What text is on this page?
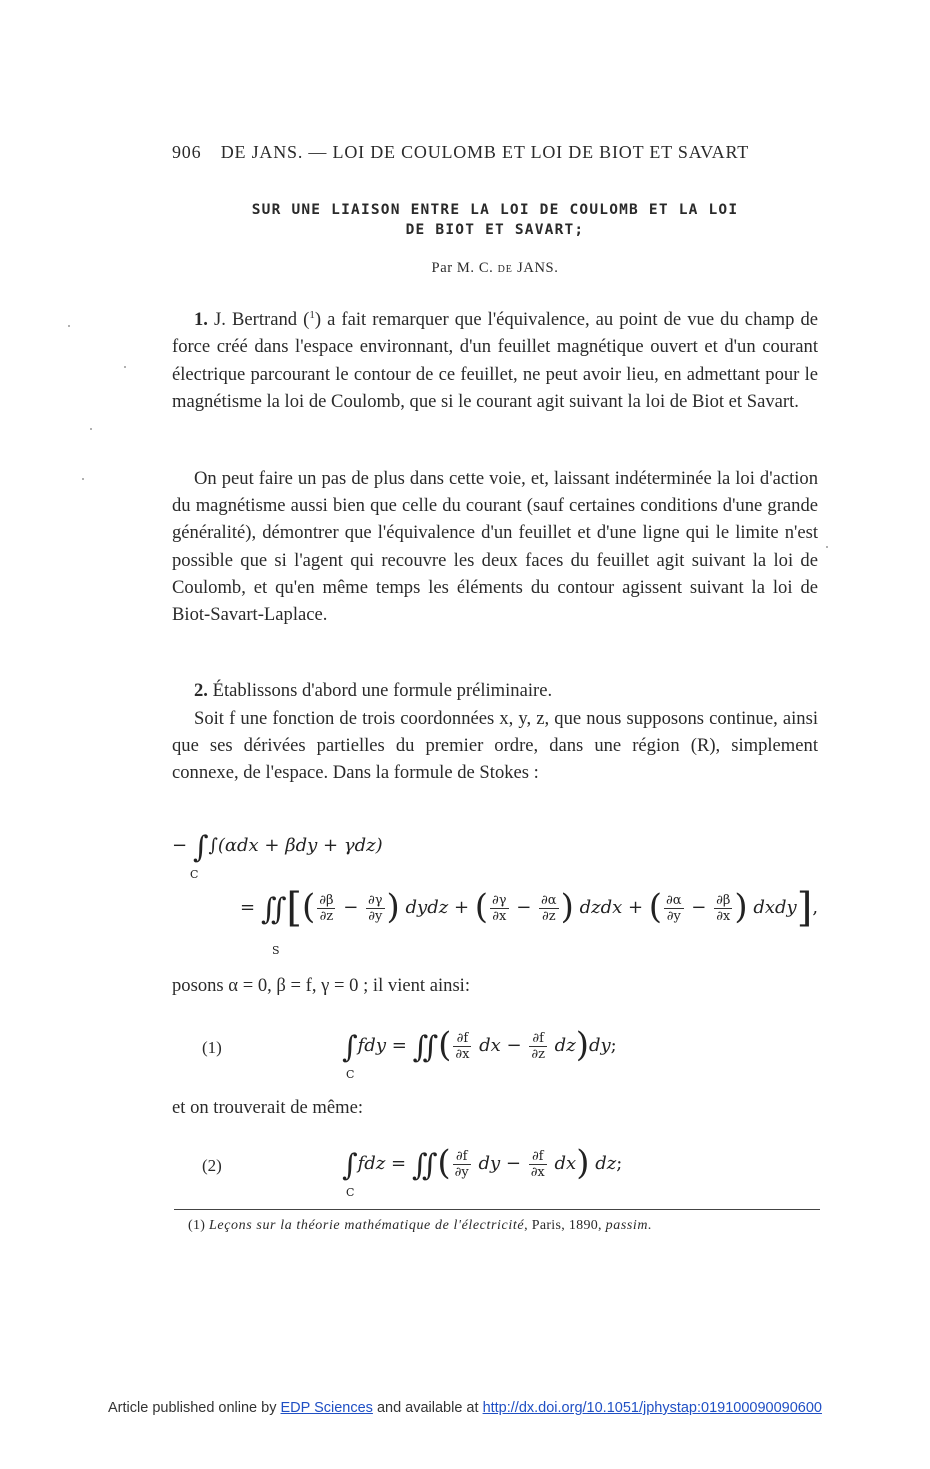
906 DE JANS. — LOI DE COULOMB ET LOI DE BIOT ET SAVART
SUR UNE LIAISON ENTRE LA LOI DE COULOMB ET LA LOI
DE BIOT ET SAVART;
Par M. C. DE JANS.
1. J. Bertrand ($^1$) a fait remarquer que l'équivalence, au point de vue du champ de force créé dans l'espace environnant, d'un feuillet magnétique ouvert et d'un courant électrique parcourant le contour de ce feuillet, ne peut avoir lieu, en admettant pour le magnétisme la loi de Coulomb, que si le courant agit suivant la loi de Biot et Savart.
On peut faire un pas de plus dans cette voie, et, laissant indéterminée la loi d'action du magnétisme aussi bien que celle du courant (sauf certaines conditions d'une grande généralité), démontrer que l'équivalence d'un feuillet et d'une ligne qui le limite n'est possible que si l'agent qui recouvre les deux faces du feuillet agit suivant la loi de Coulomb, et qu'en même temps les éléments du contour agissent suivant la loi de Biot-Savart-Laplace.
2. Établissons d'abord une formule préliminaire.
Soit f une fonction de trois coordonnées x, y, z, que nous supposons continue, ainsi que ses dérivées partielles du premier ordre, dans une région (R), simplement connexe, de l'espace. Dans la formule de Stokes :
− ∫∫(αdx + βdy + γdz)
C
= ∬[( $\frac{\partial\beta}{\partial z} - \frac{\partial\gamma}{\partial y}$ ) dydz + ( $\frac{\partial\gamma}{\partial x} - \frac{\partial\alpha}{\partial z}$ ) dzdx + ( $\frac{\partial\alpha}{\partial y} - \frac{\partial\beta}{\partial x}$ ) dxdy],
S
posons α = 0, β = f, γ = 0 ; il vient ainsi:
(1)	∫fdy = ∬( $\frac{\partial f}{\partial x}$ dx − $\frac{\partial f}{\partial z} dz)dy$;
C
et on trouverait de même:
(2)	∫fdz = ∬( $\frac{\partial f}{\partial y}$ dy − $\frac{\partial f}{\partial x} dx$) dz;
C
(1) Leçons sur la théorie mathématique de l'électricité, Paris, 1890, passim.
Article published online by EDP Sciences and available at http://dx.doi.org/10.1051/jphystap:019100090090600
